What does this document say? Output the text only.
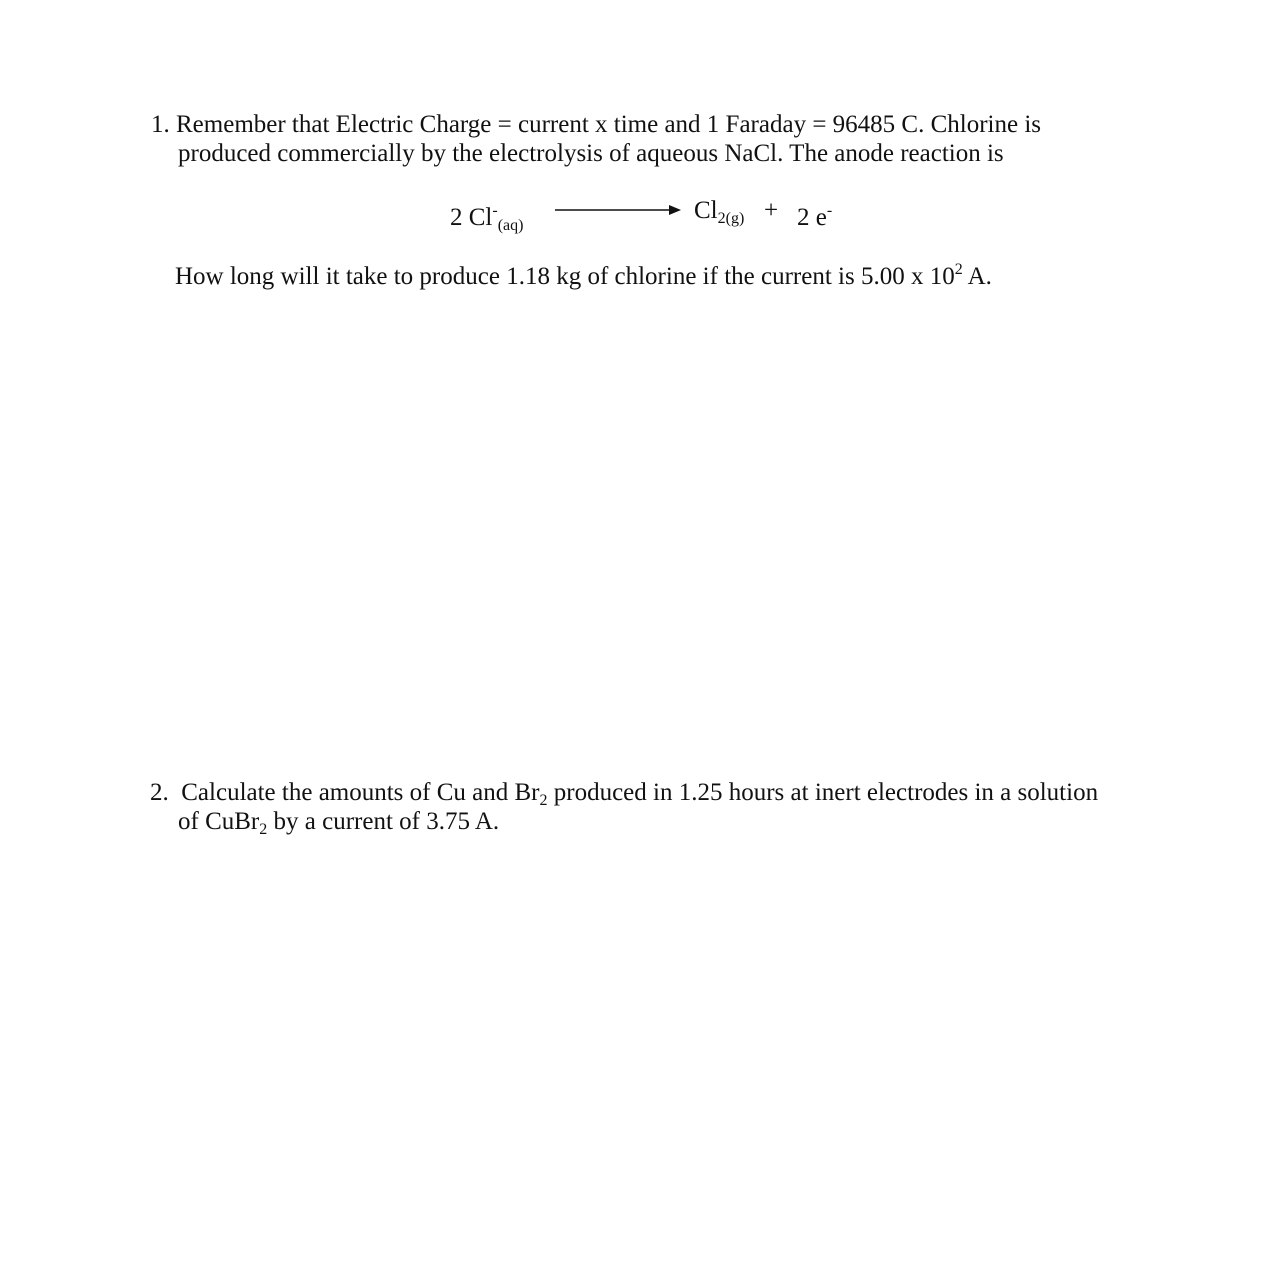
1. Remember that Electric Charge = current x time and 1 Faraday = 96485 C. Chlorine is
produced commercially by the electrolysis of aqueous NaCl. The anode reaction is
2 $Cl^-_{(aq)}$
$Cl_{2(g)} + 2$ e-
How long will it take to produce 1.18 kg of chlorine if the current is 5.00 x $10^2$ A.
2. Calculate the amounts of Cu and $Br_2$ produced in 1.25 hours at inert electrodes in a solution
of CuBr$_2$ by a current of 3.75 A.
